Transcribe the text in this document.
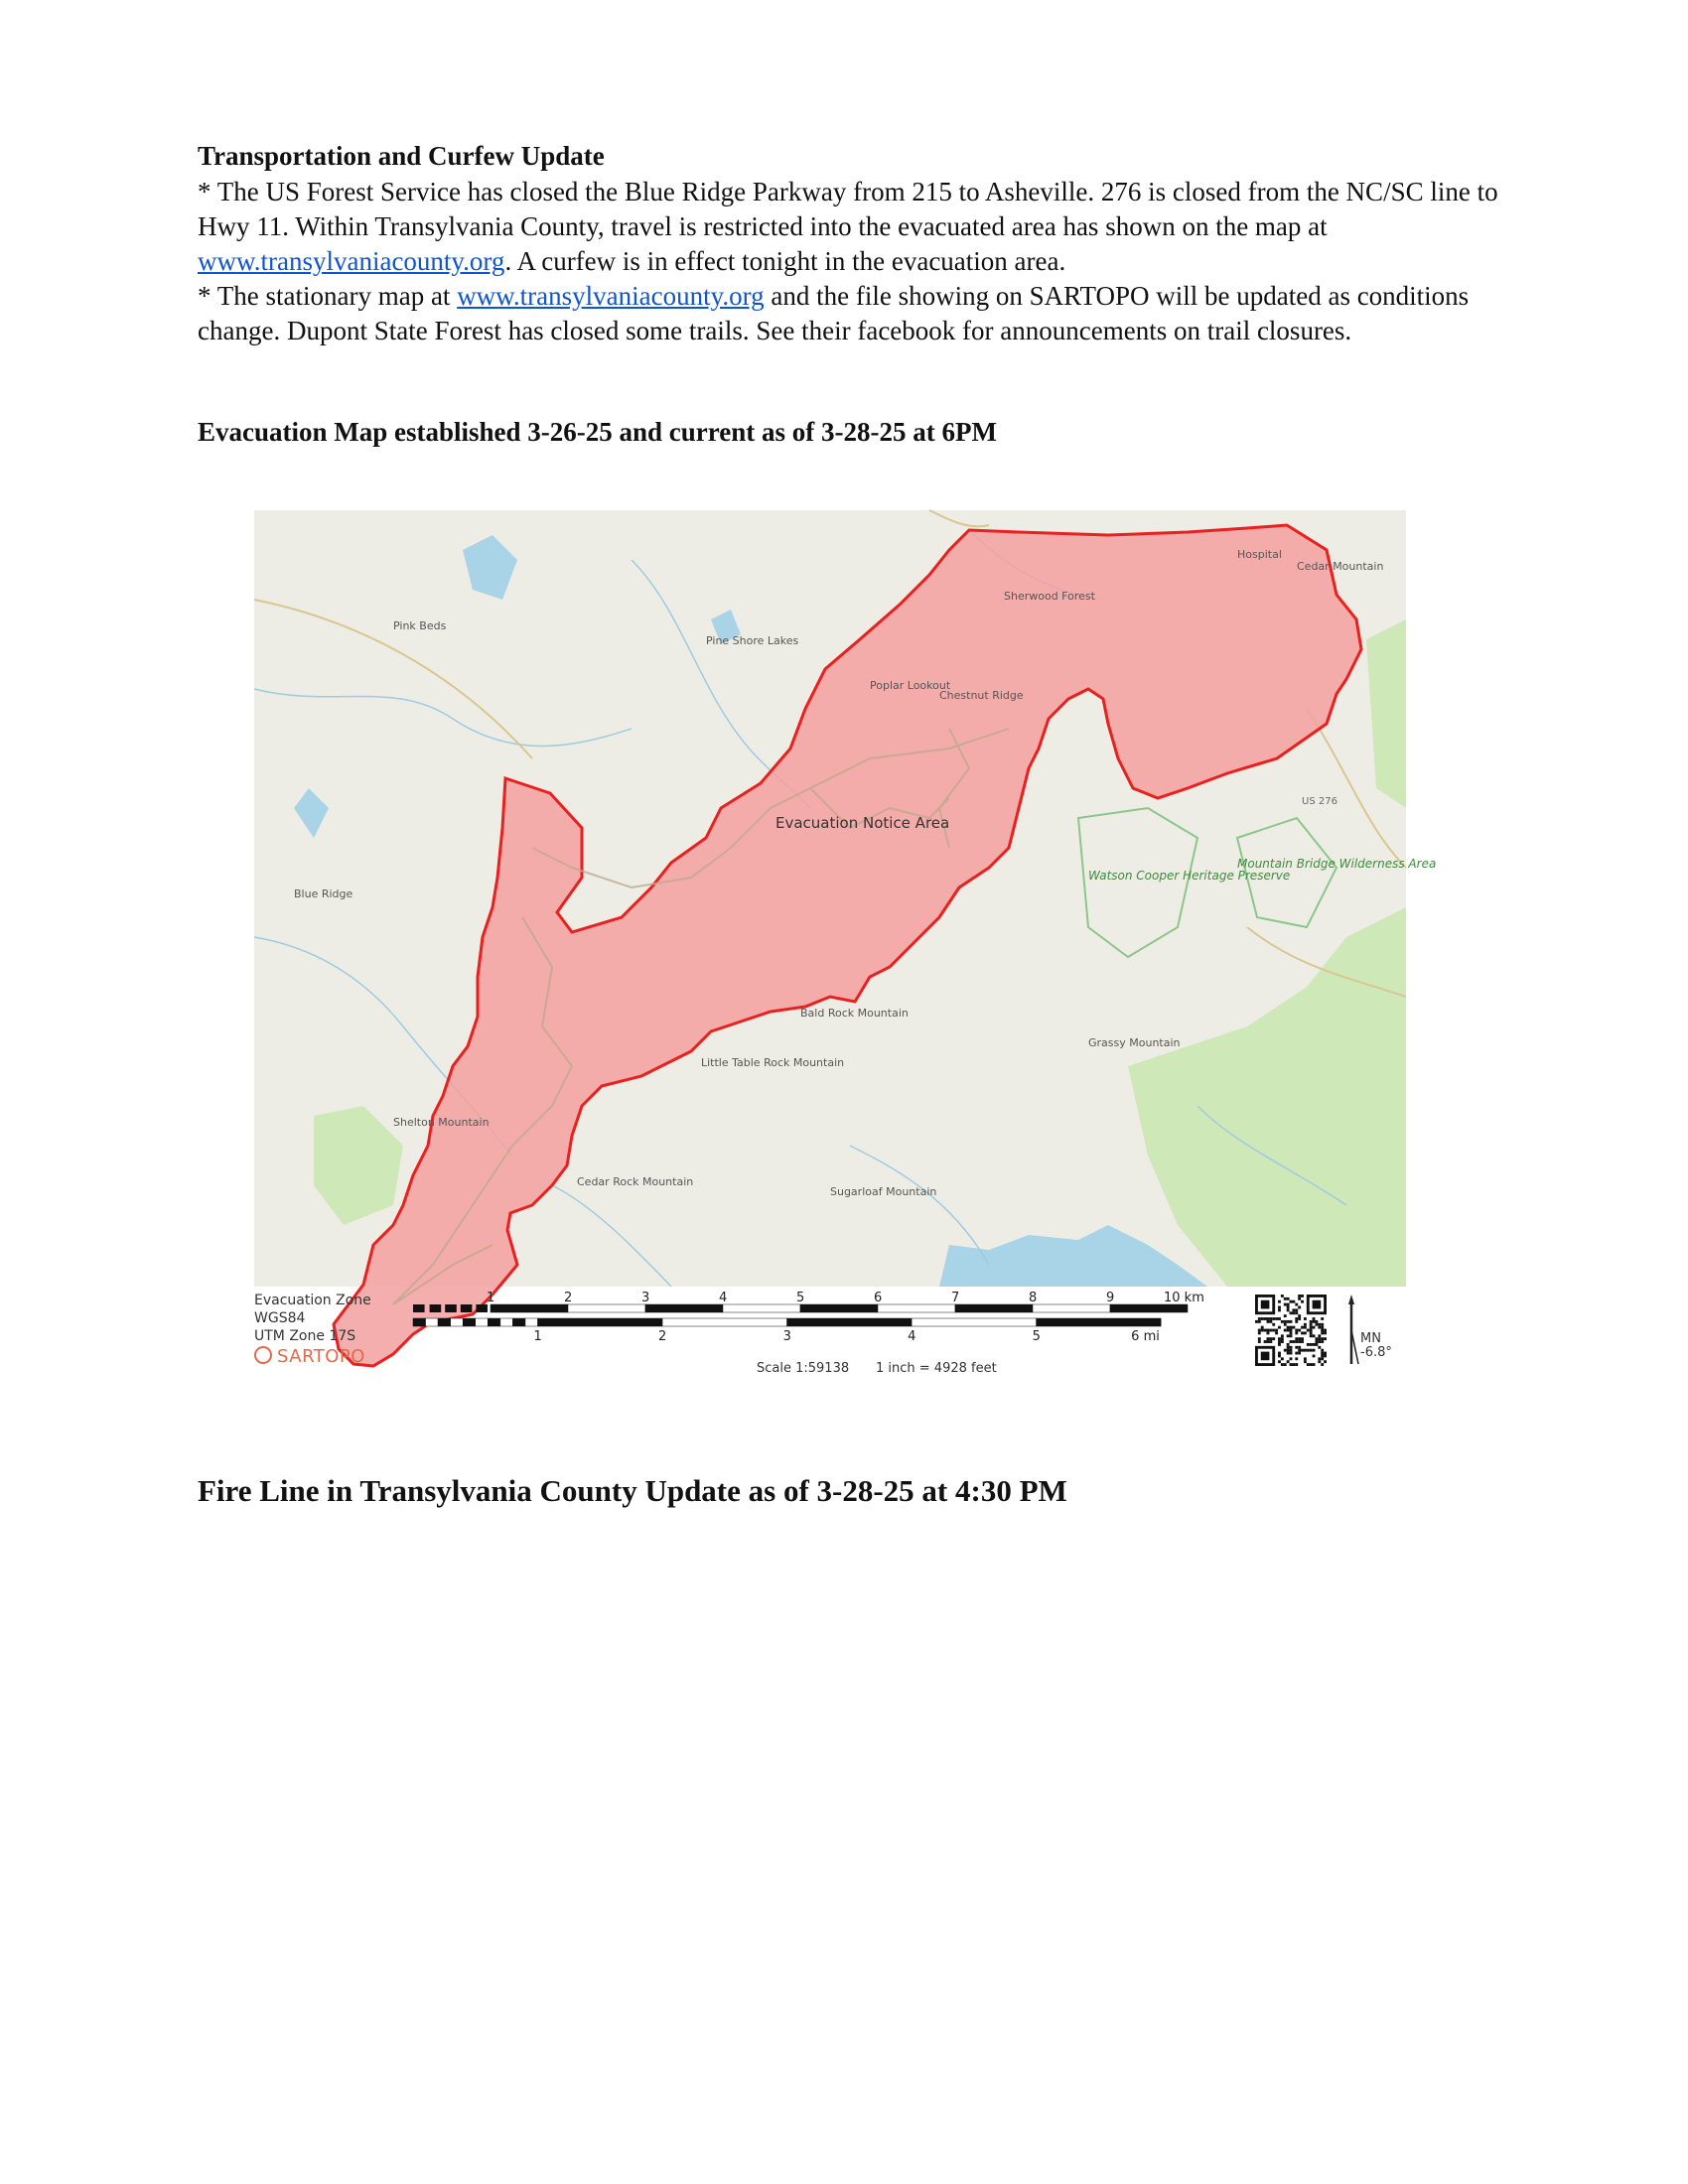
Transportation and Curfew Update
* The US Forest Service has closed the Blue Ridge Parkway from 215 to Asheville. 276 is closed from the NC/SC line to Hwy 11. Within Transylvania County, travel is restricted into the evacuated area has shown on the map at www.transylvaniacounty.org. A curfew is in effect tonight in the evacuation area.
* The stationary map at www.transylvaniacounty.org and the file showing on SARTOPO will be updated as conditions change. Dupont State Forest has closed some trails. See their facebook for announcements on trail closures.
Evacuation Map established 3-26-25 and current as of 3-28-25 at 6PM
Pink Beds
Pine Shore Lakes
Sherwood Forest
Blue Ridge
Cedar Mountain
Hospital
Poplar Lookout
Chestnut Ridge
Cedar Rock Mountain
Shelton Mountain
Bald Rock Mountain
Little Table Rock Mountain
Sugarloaf Mountain
Grassy Mountain
Watson Cooper Heritage Preserve
Mountain Bridge Wilderness Area
US 276
Evacuation Notice Area
Evacuation Zone
WGS84
UTM Zone 17S
SARTOPO
1	2	3	4	5	6	7	8	9	10 km
1	2	3	4	5	6 mi
Scale 1:59138 1 inch = 4928 feet
MN
-6.8°
Fire Line in Transylvania County Update as of 3-28-25 at 4:30 PM
